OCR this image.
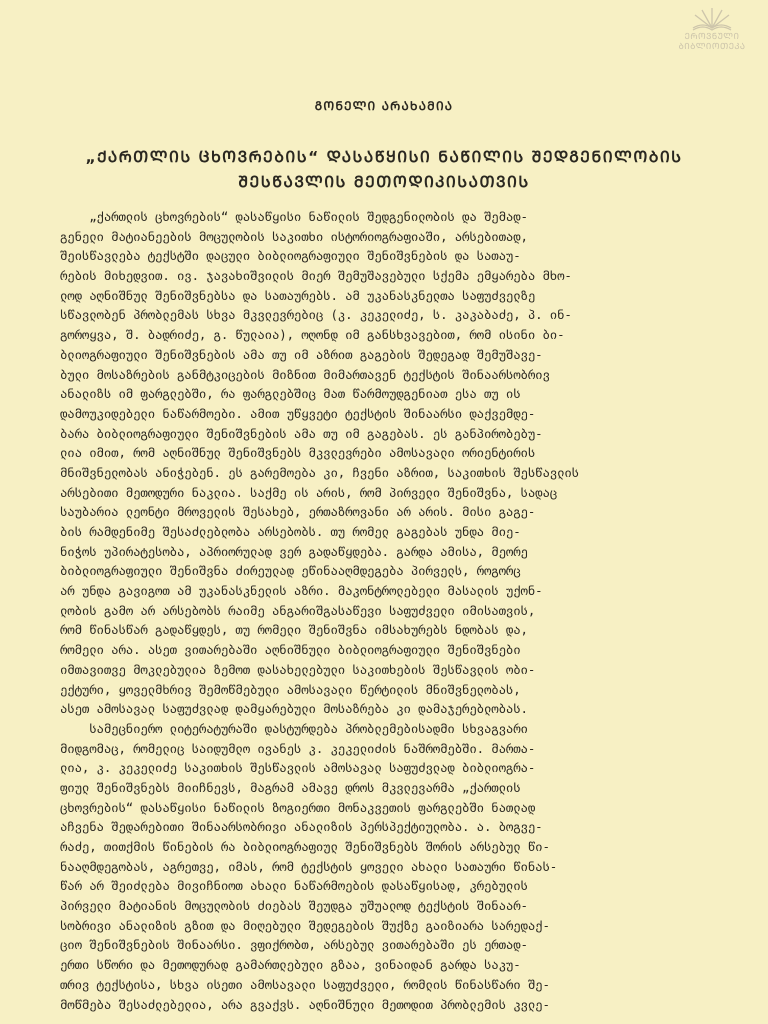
ᲔᲠᲝᲕᲜᲣᲚᲘ
ᲑᲘᲑᲚᲘᲝᲗᲔᲙᲐ
ᲒᲝᲜᲔᲚᲘ ᲐᲠᲐᲮᲐᲛᲘᲐ
„ᲥᲐᲠᲗᲚᲘᲡ ᲪᲮᲝᲕᲠᲔᲑᲘᲡ“ ᲓᲐᲡᲐᲬᲧᲘᲡᲘ ᲜᲐᲬᲘᲚᲘᲡ ᲨᲔᲓᲒᲔᲜᲘᲚᲝᲑᲘᲡ
ᲨᲔᲡᲬᲐᲕᲚᲘᲡ ᲛᲔᲗᲝᲓᲘᲙᲘᲡᲐᲗᲕᲘᲡ
„ქართლის ცხოვრების“ დასაწყისი ნაწილის შედგენილობის და შემად-
გენელი მატიანეების მოცულობის საკითხი ისტორიოგრაფიაში, არსებითად,
შეისწავლება ტექსტში დაცული ბიბლიოგრაფიული შენიშვნების და სათაუ-
რების მიხედვით. ივ. ჯავახიშვილის მიერ შემუშავებული სქემა ემყარება მხო-
ლოდ აღნიშნულ შენიშვნებსა და სათაურებს. ამ უკანასკნელთა საფუძველზე
სწავლობენ პრობლემას სხვა მკვლევრებიც (კ. კეკელიძე, ს. კაკაბაძე, პ. ინ-
გოროყვა, შ. ბადრიძე, გ. წულაია), ოღონდ იმ განსხვავებით, რომ ისინი ბი-
ბლიოგრაფიული შენიშვნების ამა თუ იმ აზრით გაგების შედეგად შემუშავე-
ბული მოსაზრების განმტკიცების მიზნით მიმართავენ ტექსტის შინაარსობრივ
ანალიზს იმ ფარგლებში, რა ფარგლებშიც მათ წარმოუდგენიათ ესა თუ ის
დამოუკიდებელი ნაწარმოები. ამით უწყვეტი ტექსტის შინაარსი დაქვემდე-
ბარა ბიბლიოგრაფიული შენიშვნების ამა თუ იმ გაგებას. ეს განპირობებუ-
ლია იმით, რომ აღნიშნულ შენიშვნებს მკვლევრები ამოსავალი ორიენტირის
მნიშვნელობას ანიჭებენ. ეს გარემოება კი, ჩვენი აზრით, საკითხის შესწავლის
არსებითი მეთოდური ნაკლია. საქმე ის არის, რომ პირველი შენიშვნა, სადაც
საუბარია ლეონტი მროველის შესახებ, ერთაზროვანი არ არის. მისი გაგე-
ბის რამდენიმე შესაძლებლობა არსებობს. თუ რომელ გაგებას უნდა მიე-
ნიჭოს უპირატესობა, აპრიორულად ვერ გადაწყდება. გარდა ამისა, მეორე
ბიბლიოგრაფიული შენიშვნა ძირეულად ეწინააღმდეგება პირველს, როგორც
არ უნდა გავიგოთ ამ უკანასკნელის აზრი. მაკონტროლებელი მასალის უქონ-
ლობის გამო არ არსებობს რაიმე ანგარიშგასაწევი საფუძველი იმისათვის,
რომ წინასწარ გადაწყდეს, თუ რომელი შენიშვნა იმსახურებს ნდობას და,
რომელი არა. ასეთ ვითარებაში აღნიშნული ბიბლიოგრაფიული შენიშვნები
იმთავითვე მოკლებულია ზემოთ დასახელებული საკითხების შესწავლის ობი-
ექტური, ყოველმხრივ შემოწმებული ამოსავალი წერტილის მნიშვნელობას,
ასეთ ამოსავალ საფუძვლად დამყარებული მოსაზრება კი დამაჯერებლობას.
სამეცნიერო ლიტერატურაში დასტურდება პრობლემებისადმი სხვაგვარი
მიდგომაც, რომელიც საიდუმლო ივანეს კ. კეკელიძის ნაშრომებში. მართა-
ლია, კ. კეკელიძე საკითხის შესწავლის ამოსავალ საფუძვლად ბიბლიოგრა-
ფიულ შენიშვნებს მიიჩნევს, მაგრამ ამავე დროს მკვლევარმა „ქართლის
ცხოვრების“ დასაწყისი ნაწილის ზოგიერთი მონაკვეთის ფარგლებში ნათლად
აჩვენა შედარებითი შინაარსობრივი ანალიზის პერსპექტიულობა. ა. ბოგვე-
რაძე, თითქმის წინების რა ბიბლიოგრაფიულ შენიშვნებს შორის არსებულ წი-
ნააღმდეგობას, აგრეთვე, იმას, რომ ტექსტის ყოველი ახალი სათაური წინას-
წარ არ შეიძლება მივიჩნიოთ ახალი ნაწარმოების დასაწყისად, კრებულის
პირველი მატიანის მოცულობის ძიებას შეუდგა უშუალოდ ტექსტის შინაარ-
სობრივი ანალიზის გზით და მიღებული შედეგების შუქზე გაიზიარა სარედაქ-
ციო შენიშვნების შინაარსი. ვფიქრობთ, არსებულ ვითარებაში ეს ერთად-
ერთი სწორი და მეთოდურად გამართლებული გზაა, ვინაიდან გარდა საკუ-
თრივ ტექსტისა, სხვა ისეთი ამოსავალი საფუძველი, რომლის წინასწარი შე-
მოწმება შესაძლებელია, არა გვაქვს. აღნიშნული მეთოდით პრობლემის კვლე-
